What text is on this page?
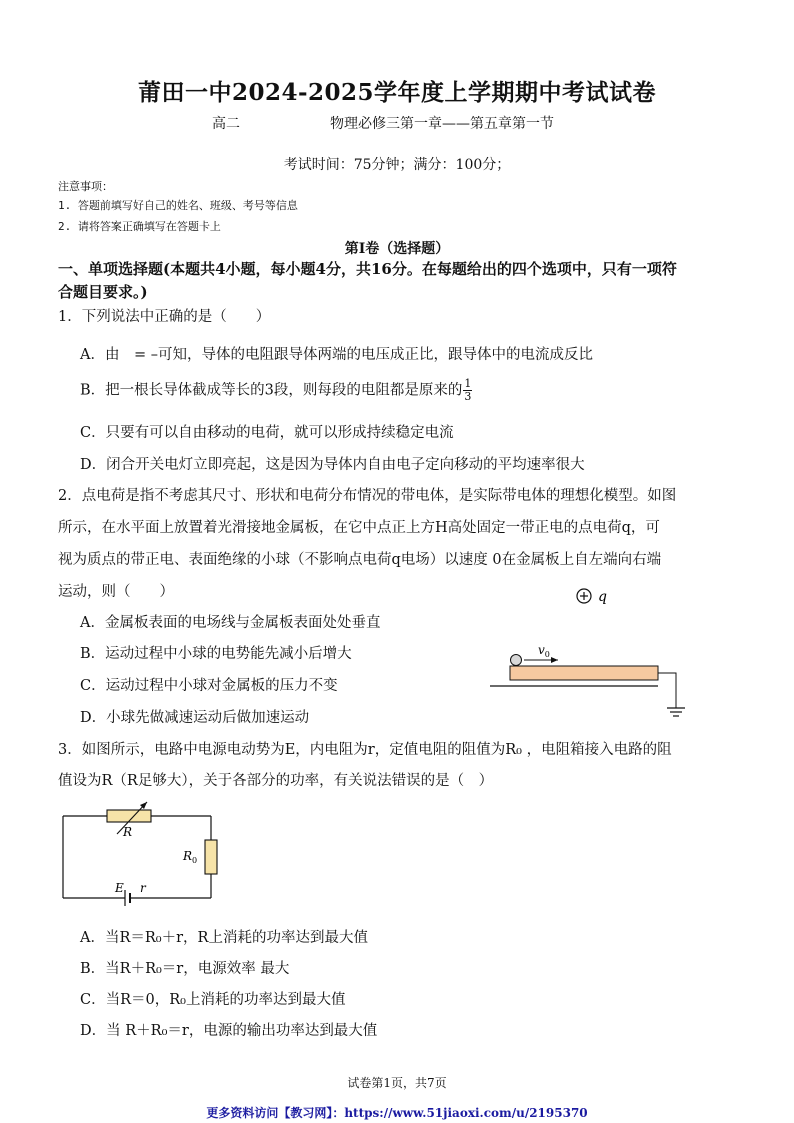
莆田一中2024-2025学年度上学期期中考试试卷
高二	物理必修三第一章——第五章第一节
考试时间：75分钟；满分：100分；
注意事项：
1. 答题前填写好自己的姓名、班级、考号等信息
2. 请将答案正确填写在答题卡上
第I卷（选择题）
一、单项选择题(本题共4小题，每小题4分，共16分。在每题给出的四个选项中，只有一项符
合题目要求。)
1．下列说法中正确的是（　　）
A．由　= –可知，导体的电阻跟导体两端的电压成正比，跟导体中的电流成反比
B．把一根长导体截成等长的3段，则每段的电阻都是原来的 $\frac{1}{3}$
C．只要有可以自由移动的电荷，就可以形成持续稳定电流
D．闭合开关电灯立即亮起，这是因为导体内自由电子定向移动的平均速率很大
2．点电荷是指不考虑其尺寸、形状和电荷分布情况的带电体，是实际带电体的理想化模型。如图
所示，在水平面上放置着光滑接地金属板，在它中点正上方H高处固定一带正电的点电荷q，可
视为质点的带正电、表面绝缘的小球（不影响点电荷q电场）以速度 0在金属板上自左端向右端
运动，则（　　）
A．金属板表面的电场线与金属板表面处处垂直
B．运动过程中小球的电势能先减小后增大
C．运动过程中小球对金属板的压力不变
D．小球先做减速运动后做加速运动
q
$v_0$
3．如图所示，电路中电源电动势为E，内电阻为r，定值电阻的阻值为R₀ ，电阻箱接入电路的阻
值设为R（R足够大），关于各部分的功率，有关说法错误的是（　）
R
$R_0$
E r
A．当R＝R₀＋r，R上消耗的功率达到最大值
B．当R＋R₀＝r，电源效率 最大
C．当R＝0，R₀上消耗的功率达到最大值
D．当 R＋R₀＝r，电源的输出功率达到最大值
试卷第1页，共7页
更多资料访问【教习网】：https://www.51jiaoxi.com/u/2195370
